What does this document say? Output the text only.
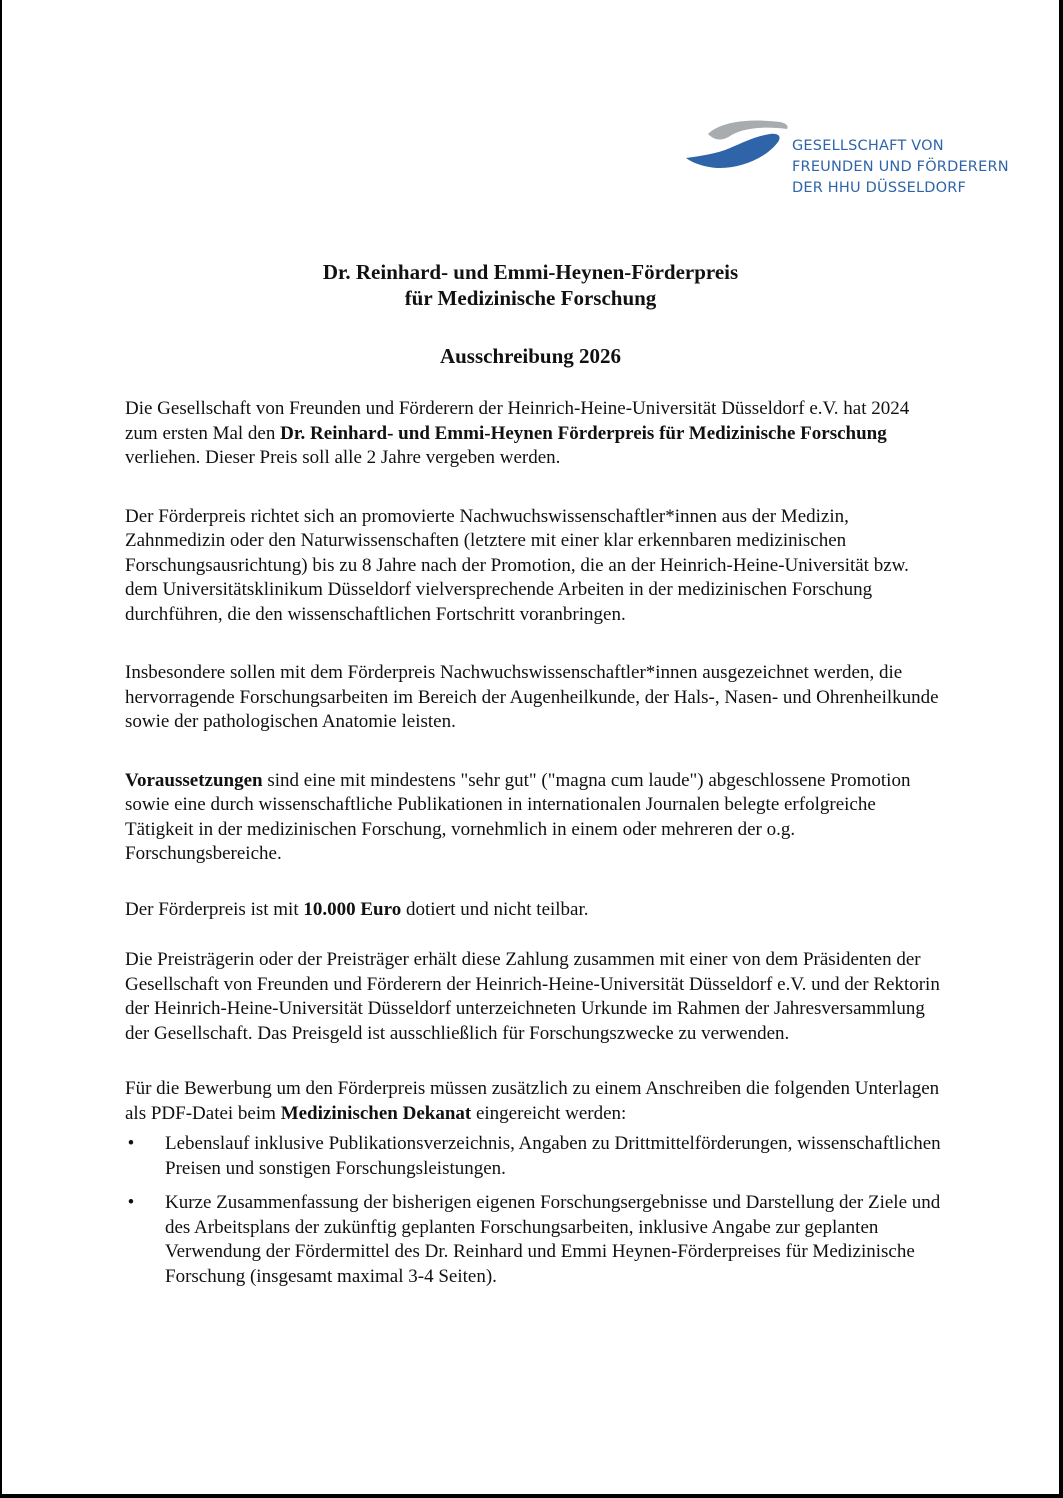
GESELLSCHAFT VON
FREUNDEN UND FÖRDERERN
DER HHU DÜSSELDORF
Dr. Reinhard- und Emmi-Heynen-Förderpreis
für Medizinische Forschung
Ausschreibung 2026

Die Gesellschaft von Freunden und Förderern der Heinrich-Heine-Universität Düsseldorf e.V. hat 2024 zum ersten Mal den Dr. Reinhard- und Emmi-Heynen Förderpreis für Medizinische Forschung verliehen. Dieser Preis soll alle 2 Jahre vergeben werden.

Der Förderpreis richtet sich an promovierte Nachwuchswissenschaftler*innen aus der Medizin, Zahnmedizin oder den Naturwissenschaften (letztere mit einer klar erkennbaren medizinischen Forschungsausrichtung) bis zu 8 Jahre nach der Promotion, die an der Heinrich-Heine-Universität bzw. dem Universitätsklinikum Düsseldorf vielversprechende Arbeiten in der medizinischen Forschung durchführen, die den wissenschaftlichen Fortschritt voranbringen.

Insbesondere sollen mit dem Förderpreis Nachwuchswissenschaftler*innen ausgezeichnet werden, die hervorragende Forschungsarbeiten im Bereich der Augenheilkunde, der Hals-, Nasen- und Ohrenheilkunde sowie der pathologischen Anatomie leisten.

Voraussetzungen sind eine mit mindestens "sehr gut" ("magna cum laude") abgeschlossene Promotion sowie eine durch wissenschaftliche Publikationen in internationalen Journalen belegte erfolgreiche Tätigkeit in der medizinischen Forschung, vornehmlich in einem oder mehreren der o.g. Forschungsbereiche.

Der Förderpreis ist mit 10.000 Euro dotiert und nicht teilbar.

Die Preisträgerin oder der Preisträger erhält diese Zahlung zusammen mit einer von dem Präsidenten der Gesellschaft von Freunden und Förderern der Heinrich-Heine-Universität Düsseldorf e.V. und der Rektorin der Heinrich-Heine-Universität Düsseldorf unterzeichneten Urkunde im Rahmen der Jahresversammlung der Gesellschaft. Das Preisgeld ist ausschließlich für Forschungszwecke zu verwenden.

Für die Bewerbung um den Förderpreis müssen zusätzlich zu einem Anschreiben die folgenden Unterlagen als PDF-Datei beim Medizinischen Dekanat eingereicht werden:

• Lebenslauf inklusive Publikationsverzeichnis, Angaben zu Drittmittelförderungen, wissenschaftlichen Preisen und sonstigen Forschungsleistungen.
• Kurze Zusammenfassung der bisherigen eigenen Forschungsergebnisse und Darstellung der Ziele und des Arbeitsplans der zukünftig geplanten Forschungsarbeiten, inklusive Angabe zur geplanten Verwendung der Fördermittel des Dr. Reinhard und Emmi Heynen-Förderpreises für Medizinische Forschung (insgesamt maximal 3-4 Seiten).
